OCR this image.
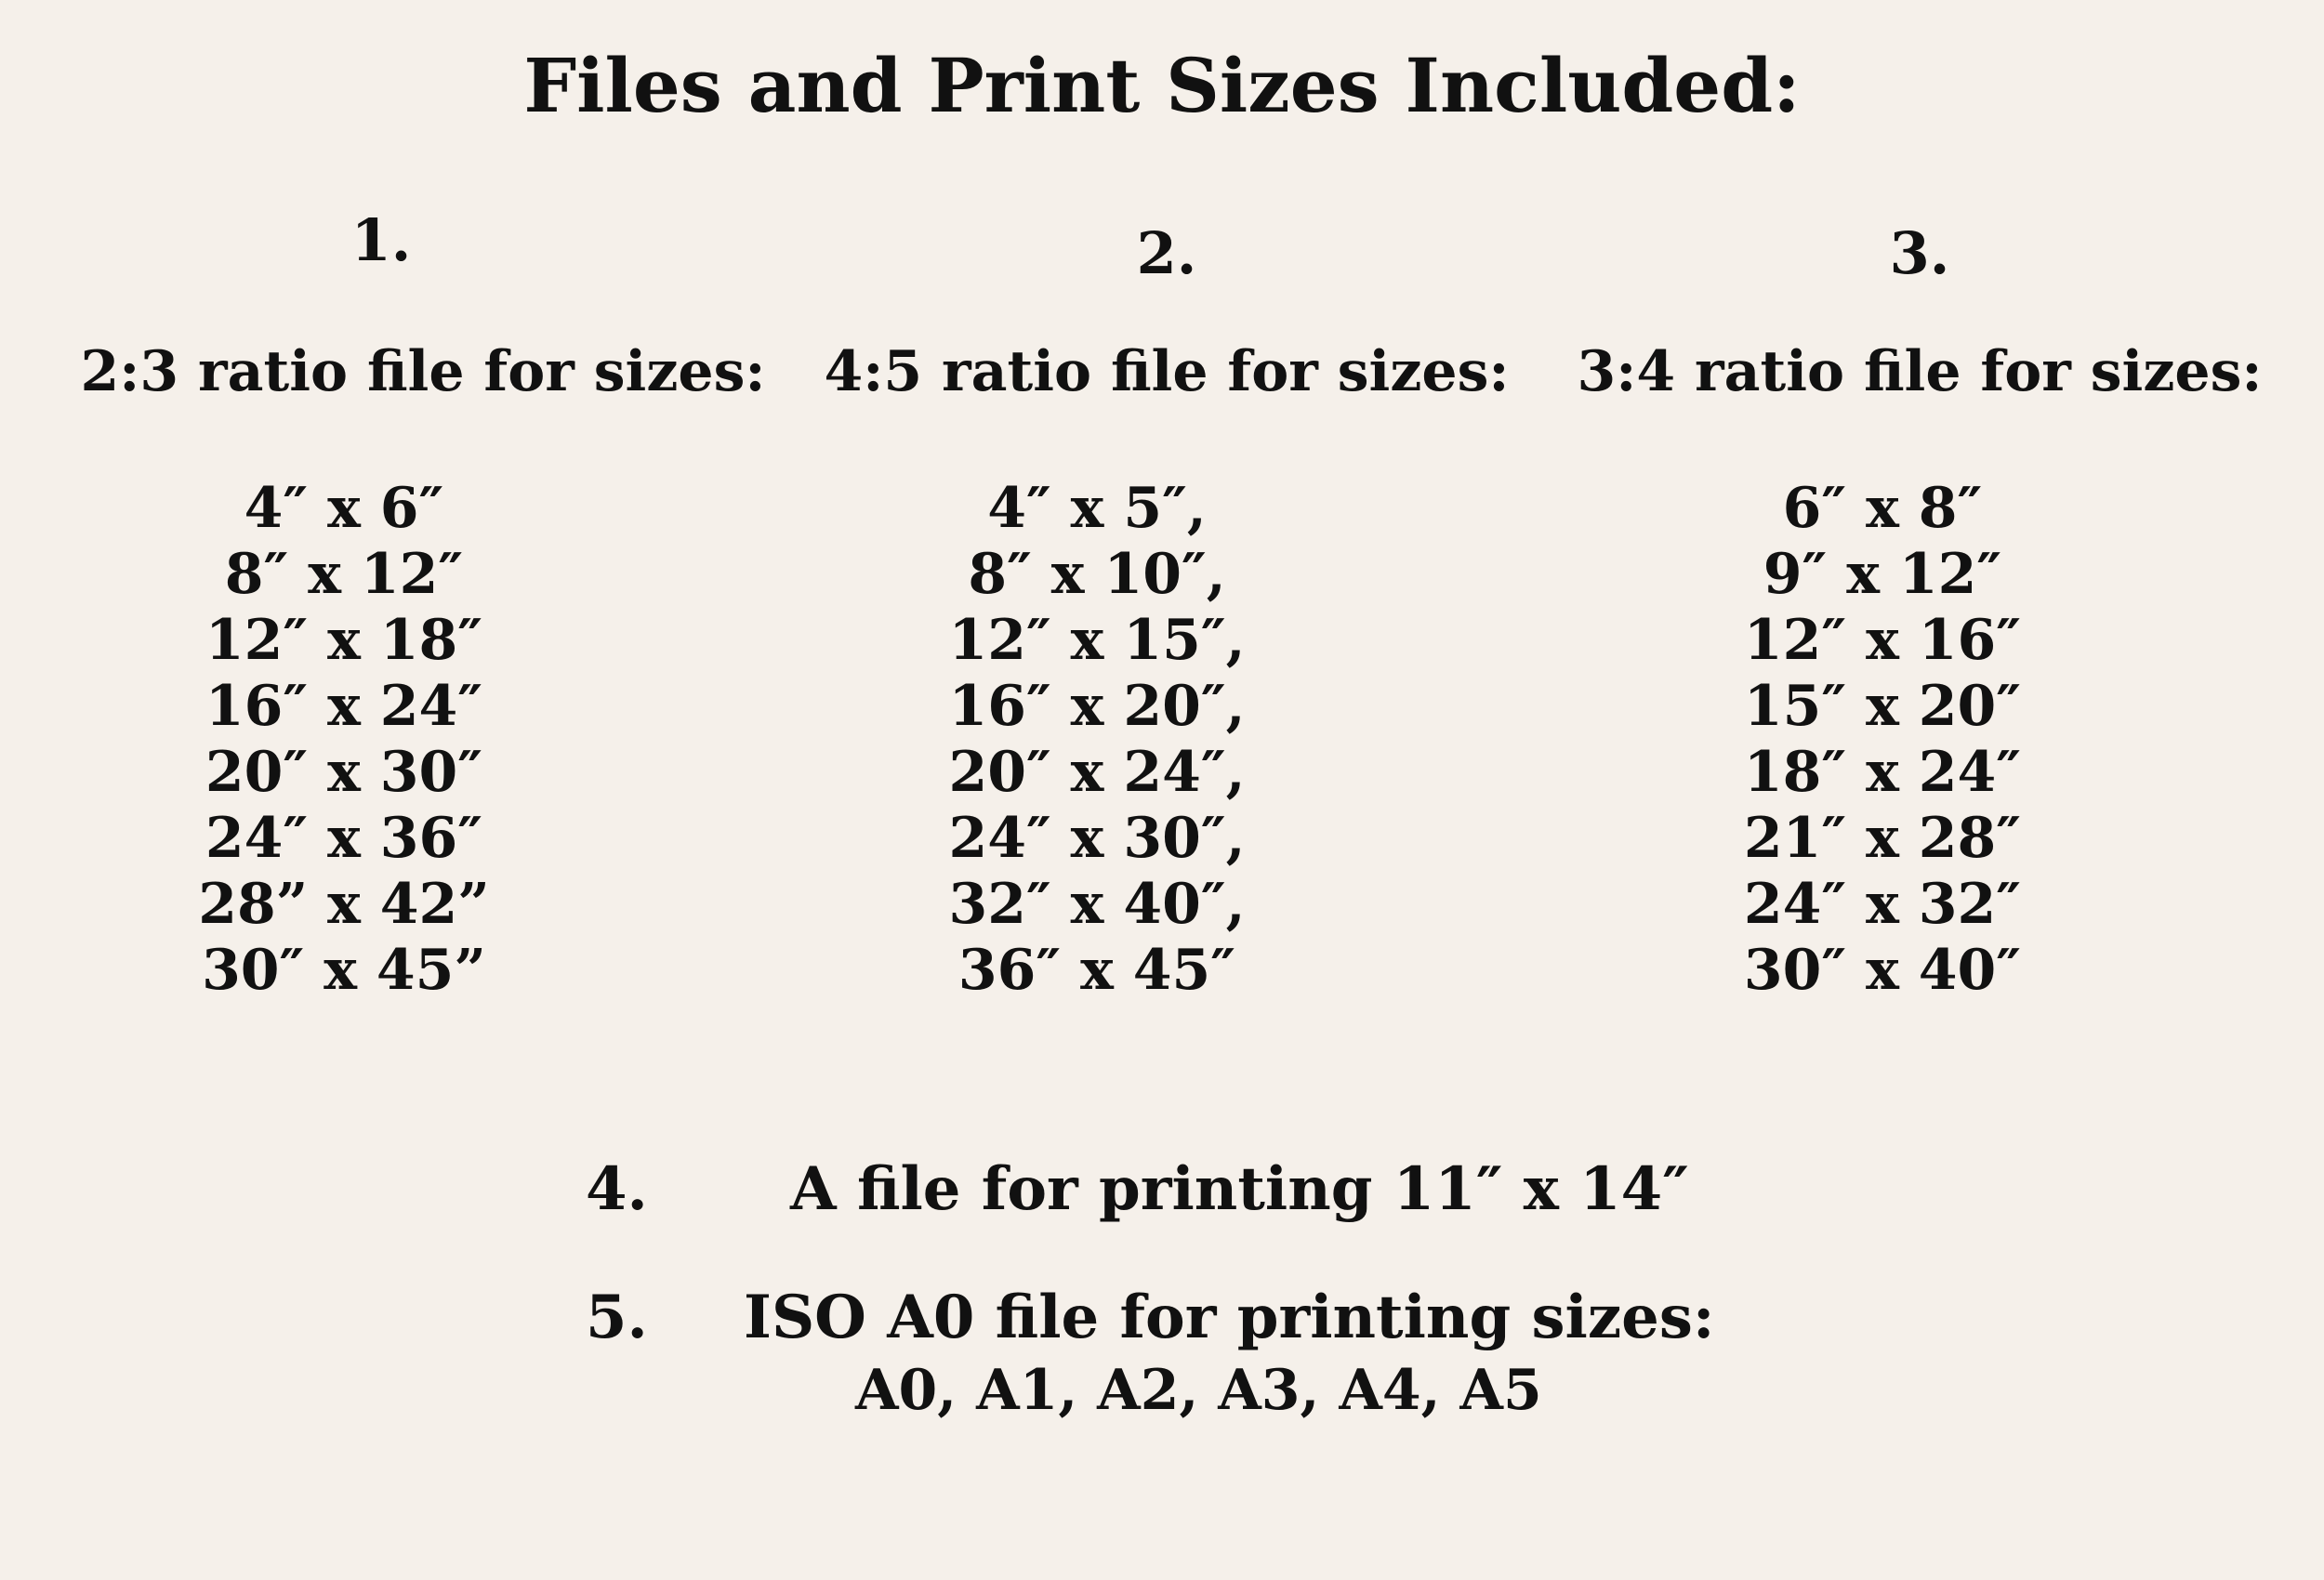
Files and Print Sizes Included:
1.
2:3 ratio file for sizes:
4″ x 6″
8″ x 12″
12″ x 18″
16″ x 24″
20″ x 30″
24″ x 36″
28” x 42”
30″ x 45”
2.
4:5 ratio file for sizes:
4″ x 5″,
8″ x 10″,
12″ x 15″,
16″ x 20″,
20″ x 24″,
24″ x 30″,
32″ x 40″,
36″ x 45″
3.
3:4 ratio file for sizes:
6″ x 8″
9″ x 12″
12″ x 16″
15″ x 20″
18″ x 24″
21″ x 28″
24″ x 32″
30″ x 40″
4. A file for printing 11″ x 14″
5. ISO A0 file for printing sizes:
A0, A1, A2, A3, A4, A5
